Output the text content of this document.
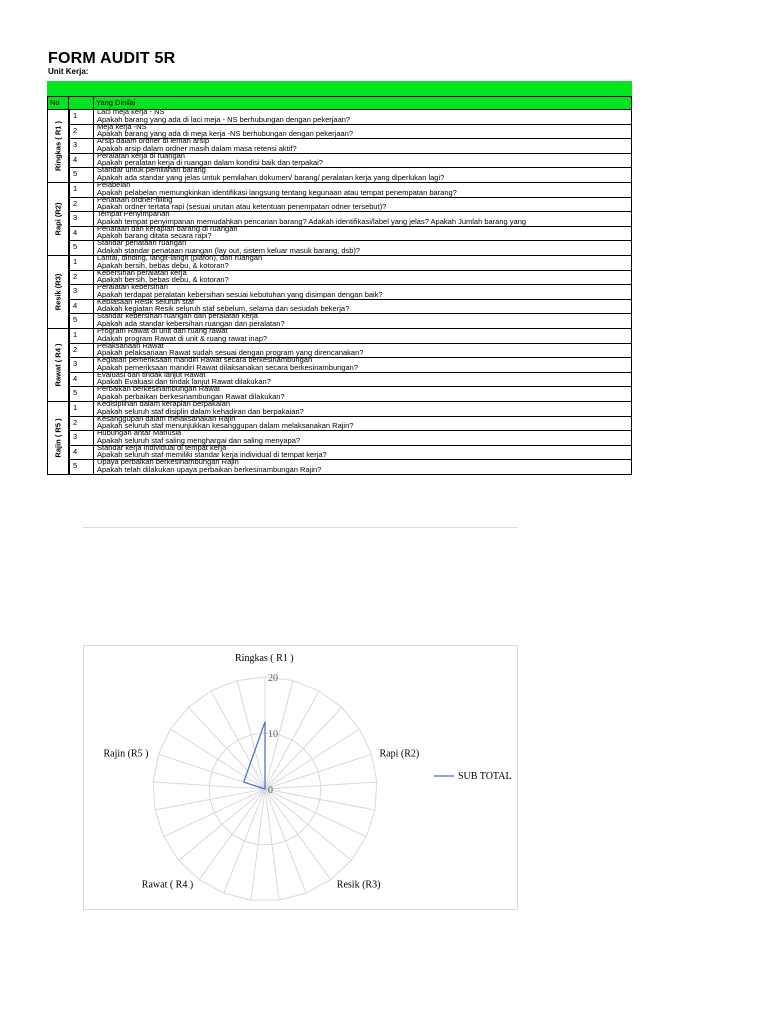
FORM AUDIT 5R
Unit Kerja:
No	Yang Dinilai
Ringkas ( R1 )
1	Laci meja kerja - NS
Apakah barang yang ada di laci meja - NS berhubungan dengan pekerjaan?
2	Meja kerja -NS
Apakah barang yang ada di meja kerja -NS berhubungan dengan pekerjaan?
3	Arsip dalam ordner di lemari arsip
Apakah arsip dalam ordner masih dalam masa retensi aktif?
4	Peralatan kerja di ruangan
Apakah peralatan kerja di ruangan dalam kondisi baik dan terpakai?
5	Standar untuk pemilahan barang
Apakah ada standar yang jelas untuk pemilahan dokumen/ barang/ peralatan kerja yang diperlukan lagi?
Rapi (R2)
1	Pelabelan
Apakah pelabelan memungkinkan identifikasi langsung tentang kegunaan atau tempat penempatan barang?
2	Penataan ordner-filling
Apakah ordner tertata rapi (sesuai urutan atau ketentuan penempatan odner tersebut)?
3	Tempat Penyimpanan
Apakah tempat penyimpanan memudahkan pencarian barang? Adakah identifikasi/label yang jelas? Apakah Jumlah barang yang
4	Penataan dan kerapian barang di ruangan
Apakah barang ditata secara rapi?
5	Standar penataan ruangan
Adakah standar penataan ruangan (lay out, sistem keluar masuk barang, dsb)?
Resik (R3)
1	Lantai, dinding, langit-langit (plafon), dan ruangan
Apakah bersih, bebas debu, & kotoran?
2	Kebersihan peralatan kerja
Apakah bersih, bebas debu, & kotoran?
3	Peralatan kebersihan
Apakah terdapat peralatan kebersihan sesuai kebutuhan yang disimpan dengan baik?
4	Kebiasaan Resik seluruh staf
Adakah kegiatan Resik seluruh staf sebelum, selama dan sesudah bekerja?
5	Standar kebersihan ruangan dan peralatan kerja
Apakah ada standar kebersihan ruangan dan peralatan?
Rawat ( R4 )
1	Program Rawat di unit dan ruang rawat
Adakah program Rawat di unit & ruang rawat inap?
2	Pelaksanaan Rawat
Apakah pelaksanaan Rawat sudah sesuai dengan program yang direncanakan?
3	Kegiatan pemeriksaan mandiri Rawat secara berkesinambungan
Apakah pemeriksaan mandiri Rawat dilaksanakan secara berkesinambungan?
4	Evaluasi dan tindak lanjut Rawat
Apakah Evaluasi dan tindak lanjut Rawat dilakukan?
5	Perbaikan berkesinambungan Rawat
Apakah perbaikan berkesinambungan Rawat dilakukan?
Rajin ( R5 )
1	Kedisiplinan dalam kerapian berpakaian
Apakah seluruh staf disiplin dalam kehadiran dan berpakaian?
2	Kesanggupan dalam melaksanakan Rajin
Apakah seluruh staf menunjukkan kesanggupan dalam melaksanakan Rajin?
3	Hubungan antar Manusia
Apakah seluruh staf saling menghargai dan saling menyapa?
4	Standar kerja individual di tempat kerja
Apakah seluruh staf memiliki standar kerja individual di tempat kerja?
5	Upaya perbaikan berkesinambungan Rajin
Apakah telah dilakukan upaya perbaikan berkesinambungan Rajin?
0
10
20
Ringkas ( R1 )
Rapi (R2)
Resik (R3)
Rawat ( R4 )
Rajin (R5 )
SUB TOTAL
